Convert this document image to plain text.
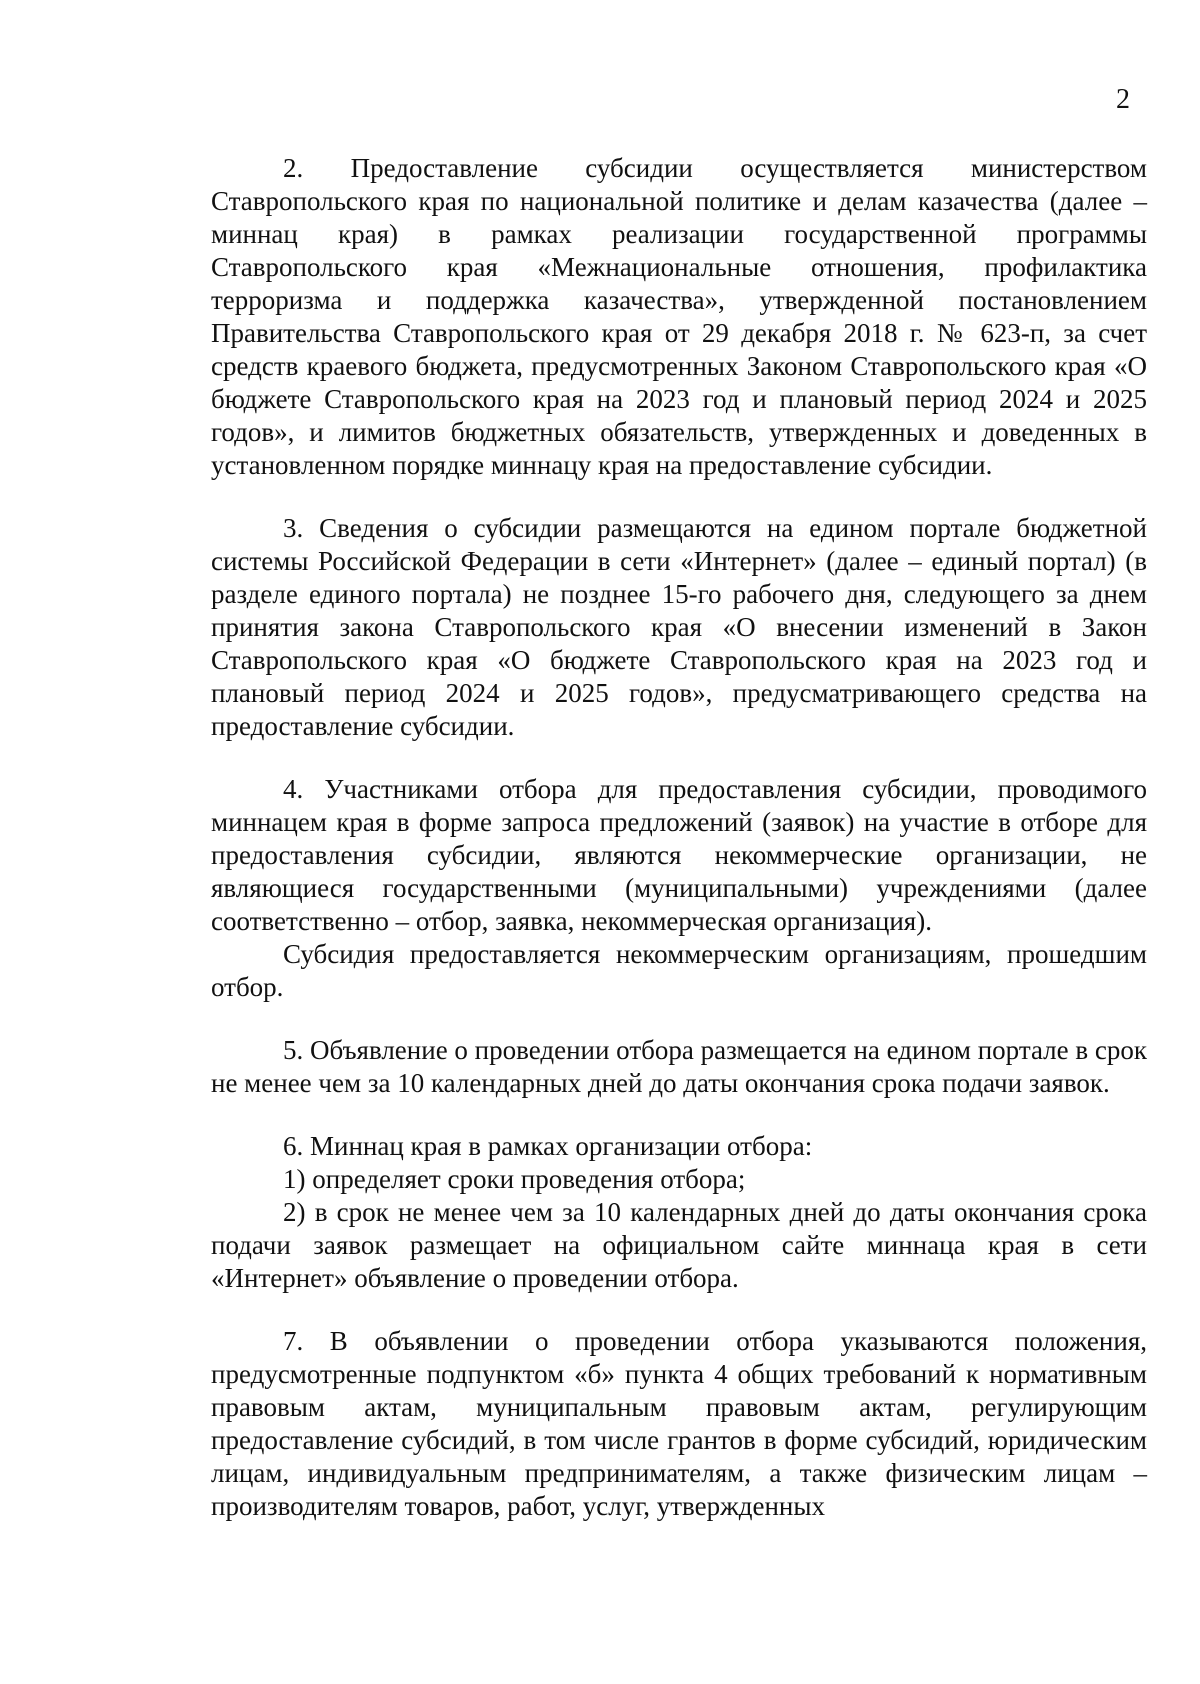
2

2. Предоставление субсидии осуществляется министерством Ставропольского края по национальной политике и делам казачества (далее – миннац края) в рамках реализации государственной программы Ставропольского края «Межнациональные отношения, профилактика терроризма и поддержка казачества», утвержденной постановлением Правительства Ставропольского края от 29 декабря 2018 г. № 623-п, за счет средств краевого бюджета, предусмотренных Законом Ставропольского края «О бюджете Ставропольского края на 2023 год и плановый период 2024 и 2025 годов», и лимитов бюджетных обязательств, утвержденных и доведенных в установленном порядке миннацу края на предоставление субсидии.

3. Сведения о субсидии размещаются на едином портале бюджетной системы Российской Федерации в сети «Интернет» (далее – единый портал) (в разделе единого портала) не позднее 15-го рабочего дня, следующего за днем принятия закона Ставропольского края «О внесении изменений в Закон Ставропольского края «О бюджете Ставропольского края на 2023 год и плановый период 2024 и 2025 годов», предусматривающего средства на предоставление субсидии.

4. Участниками отбора для предоставления субсидии, проводимого миннацем края в форме запроса предложений (заявок) на участие в отборе для предоставления субсидии, являются некоммерческие организации, не являющиеся государственными (муниципальными) учреждениями (далее соответственно – отбор, заявка, некоммерческая организация).

Субсидия предоставляется некоммерческим организациям, прошедшим отбор.

5. Объявление о проведении отбора размещается на едином портале в срок не менее чем за 10 календарных дней до даты окончания срока подачи заявок.

6. Миннац края в рамках организации отбора:

1) определяет сроки проведения отбора;

2) в срок не менее чем за 10 календарных дней до даты окончания срока подачи заявок размещает на официальном сайте миннаца края в сети «Интернет» объявление о проведении отбора.

7. В объявлении о проведении отбора указываются положения, предусмотренные подпунктом «б» пункта 4 общих требований к нормативным правовым актам, муниципальным правовым актам, регулирующим предоставление субсидий, в том числе грантов в форме субсидий, юридическим лицам, индивидуальным предпринимателям, а также физическим лицам – производителям товаров, работ, услуг, утвержденных
